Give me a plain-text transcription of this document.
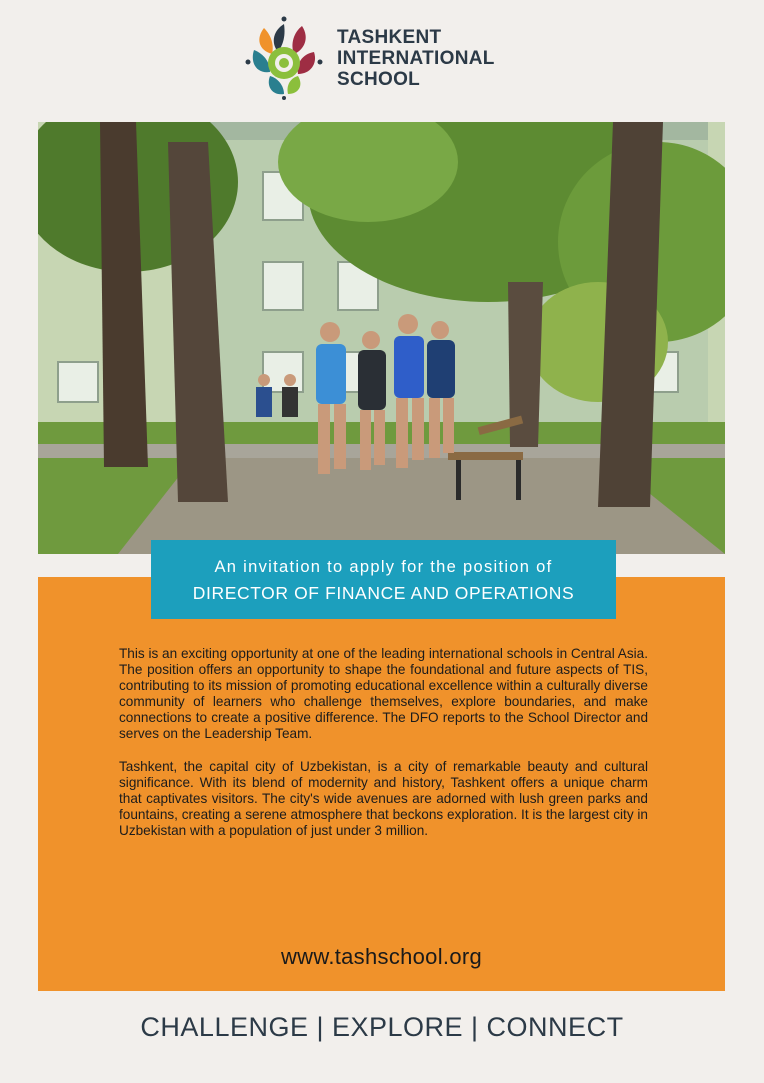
TASHKENT
INTERNATIONAL
SCHOOL
An invitation to apply for the position of
DIRECTOR OF FINANCE AND OPERATIONS

This is an exciting opportunity at one of the leading international schools in Central Asia. The position offers an opportunity to shape the foundational and future aspects of TIS, contributing to its mission of promoting educational excellence within a culturally diverse community of learners who challenge themselves, explore boundaries, and make connections to create a positive difference. The DFO reports to the School Director and serves on the Leadership Team.

Tashkent, the capital city of Uzbekistan, is a city of remarkable beauty and cultural significance. With its blend of modernity and history, Tashkent offers a unique charm that captivates visitors. The city's wide avenues are adorned with lush green parks and fountains, creating a serene atmosphere that beckons exploration. It is the largest city in Uzbekistan with a population of just under 3 million.

www.tashschool.org
CHALLENGE | EXPLORE | CONNECT
